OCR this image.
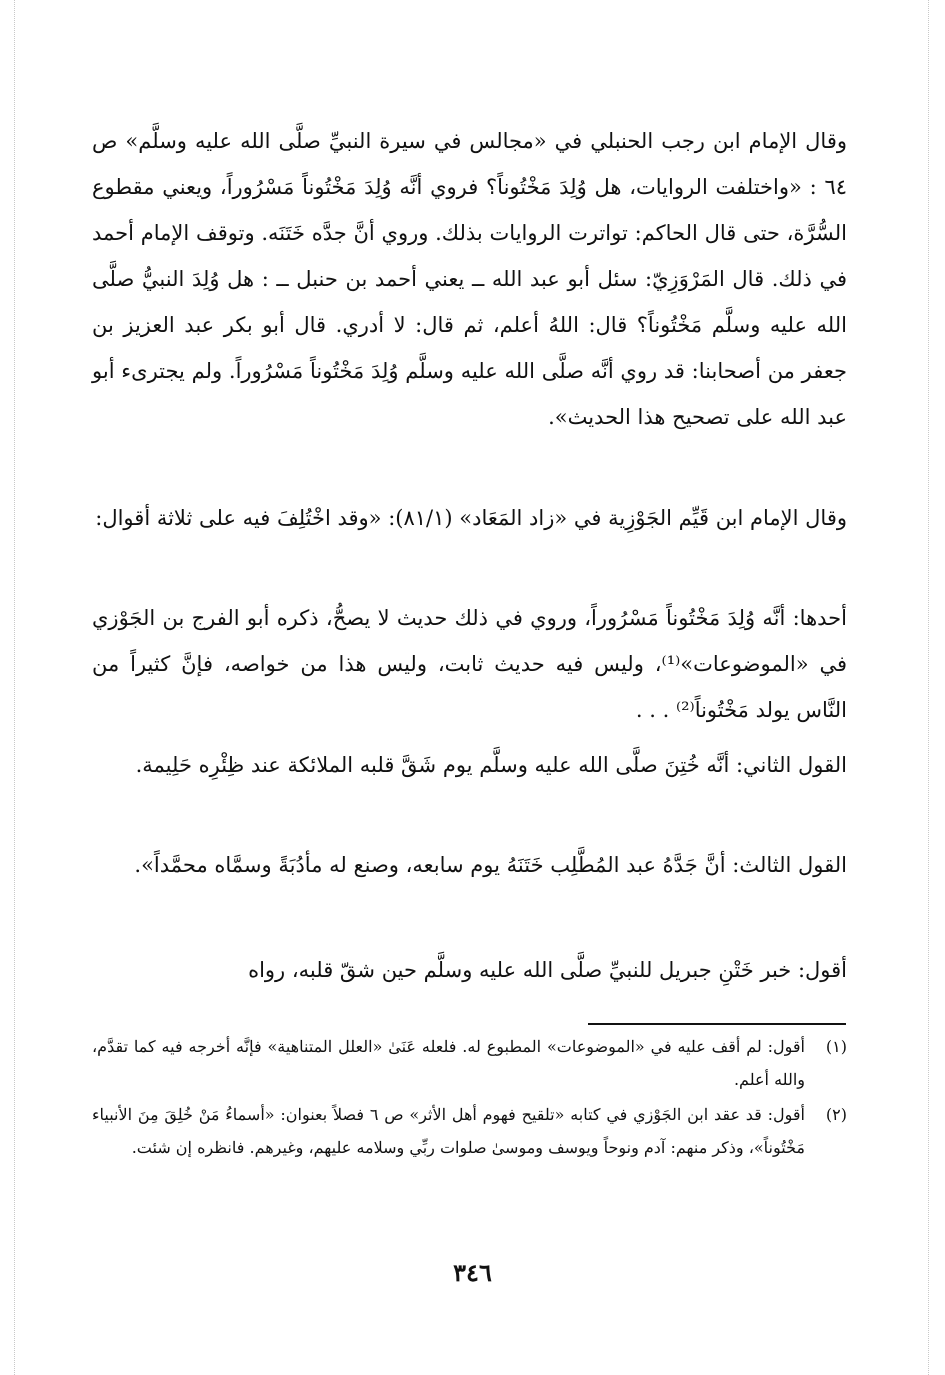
وقال الإمام ابن رجب الحنبلي في «مجالس في سيرة النبيِّ صلَّى الله عليه وسلَّم» ص ٦٤ : «واختلفت الروايات، هل وُلِدَ مَخْتُوناً؟ فروي أنَّه وُلِدَ مَخْتُوناً مَسْرُوراً، ويعني مقطوع السُّرَّة، حتى قال الحاكم: تواترت الروايات بذلك. وروي أنَّ جدَّه خَتَنَه. وتوقف الإمام أحمد في ذلك. قال المَرْوَزِيّ: سئل أبو عبد الله ــ يعني أحمد بن حنبل ــ : هل وُلِدَ النبيُّ صلَّى الله عليه وسلَّم مَخْتُوناً؟ قال: اللهُ أعلم، ثم قال: لا أدري. قال أبو بكر عبد العزيز بن جعفر من أصحابنا: قد روي أنَّه صلَّى الله عليه وسلَّم وُلِدَ مَخْتُوناً مَسْرُوراً. ولم يجترىء أبو عبد الله على تصحيح هذا الحديث».

وقال الإمام ابن قَيِّم الجَوْزِية في «زاد المَعَاد» (٨١/١): «وقد اخْتُلِفَ فيه على ثلاثة أقوال:

أحدها: أنَّه وُلِدَ مَخْتُوناً مَسْرُوراً، وروي في ذلك حديث لا يصحُّ، ذكره أبو الفرج بن الجَوْزي في «الموضوعات»⁽¹⁾، وليس فيه حديث ثابت، وليس هذا من خواصه، فإنَّ كثيراً من النَّاس يولد مَخْتُوناً⁽²⁾ . . .

القول الثاني: أنَّه خُتِنَ صلَّى الله عليه وسلَّم يوم شَقَّ قلبه الملائكة عند ظِئْرِه حَلِيمة.

القول الثالث: أنَّ جَدَّهُ عبد المُطَّلِب خَتَنَهُ يوم سابعه، وصنع له مأدُبَةً وسمَّاه محمَّداً».

أقول: خبر خَتْنِ جبريل للنبيِّ صلَّى الله عليه وسلَّم حين شقّ قلبه، رواه

(١)
أقول: لم أقف عليه في «الموضوعات» المطبوع له. فلعله عَنَىٰ «العلل المتناهية» فإنَّه أخرجه فيه كما تقدَّم، والله أعلم.
(٢)
أقول: قد عقد ابن الجَوْزي في كتابه «تلقيح فهوم أهل الأثر» ص ٦ فصلاً بعنوان: «أسماءُ مَنْ خُلِقَ مِنَ الأنبياء مَخْتُوناً»، وذكر منهم: آدم ونوحاً ويوسف وموسىٰ صلوات ربِّي وسلامه عليهم، وغيرهم. فانظره إن شئت.
٣٤٦
